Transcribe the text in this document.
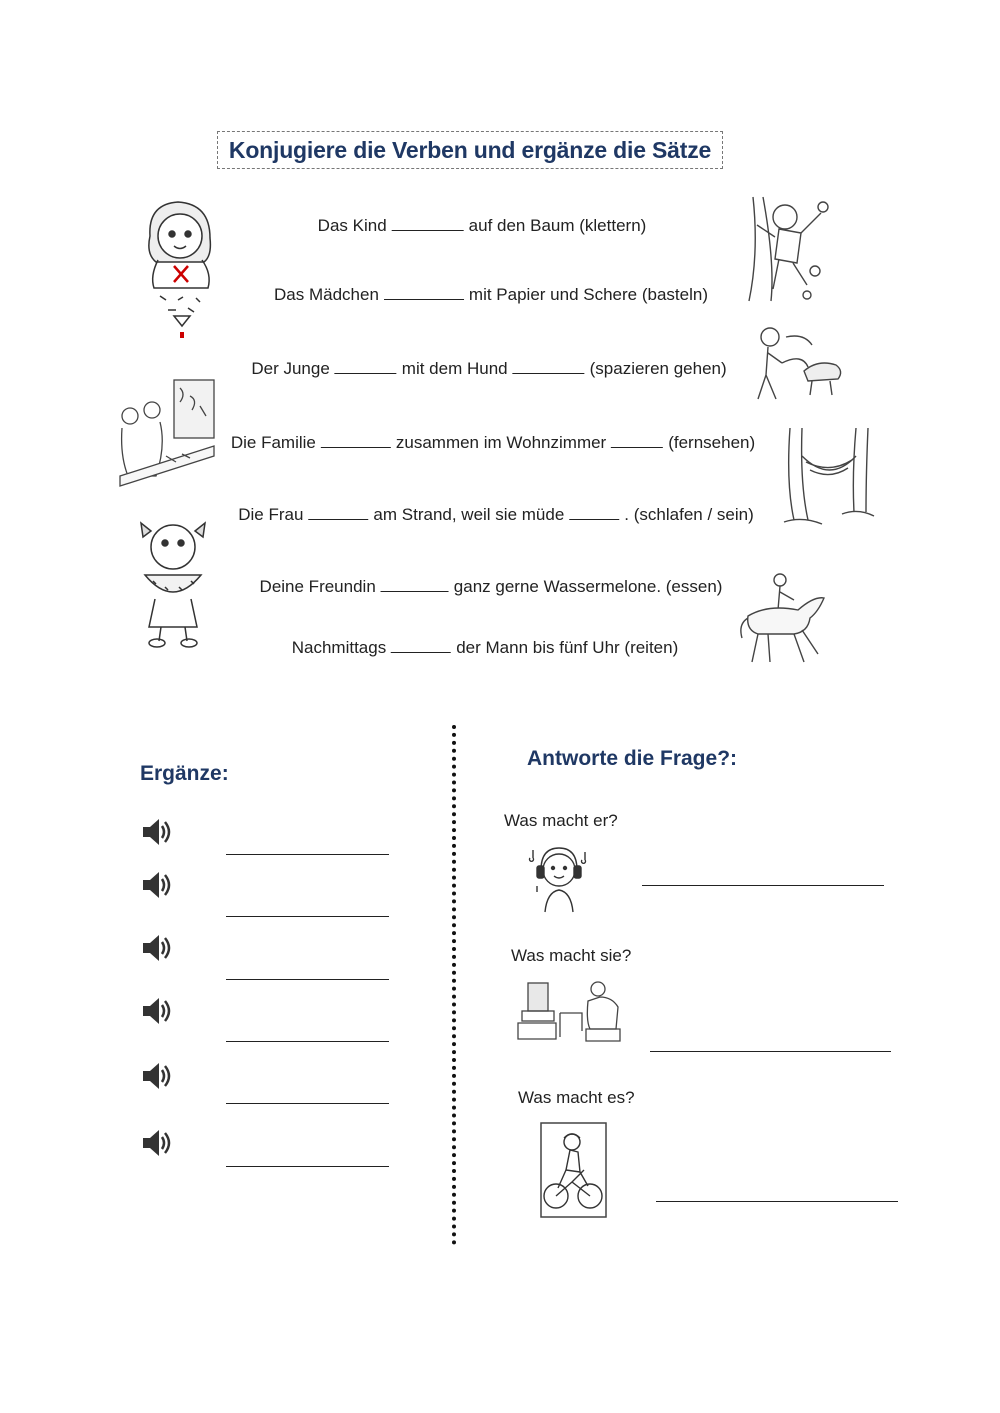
Konjugiere die Verben und ergänze die Sätze
Das Kind	auf den Baum (klettern)
Das Mädchen	mit Papier und Schere (basteln)
Der Junge	mit dem Hund	(spazieren gehen)
Die Familie	zusammen im Wohnzimmer	(fernsehen)
Die Frau	am Strand, weil sie müde	. (schlafen / sein)
Deine Freundin	ganz gerne Wassermelone. (essen)
Nachmittags	der Mann bis fünf Uhr (reiten)
Ergänze:
Antworte die Frage?:
Was macht er?
Was macht sie?
Was macht es?
